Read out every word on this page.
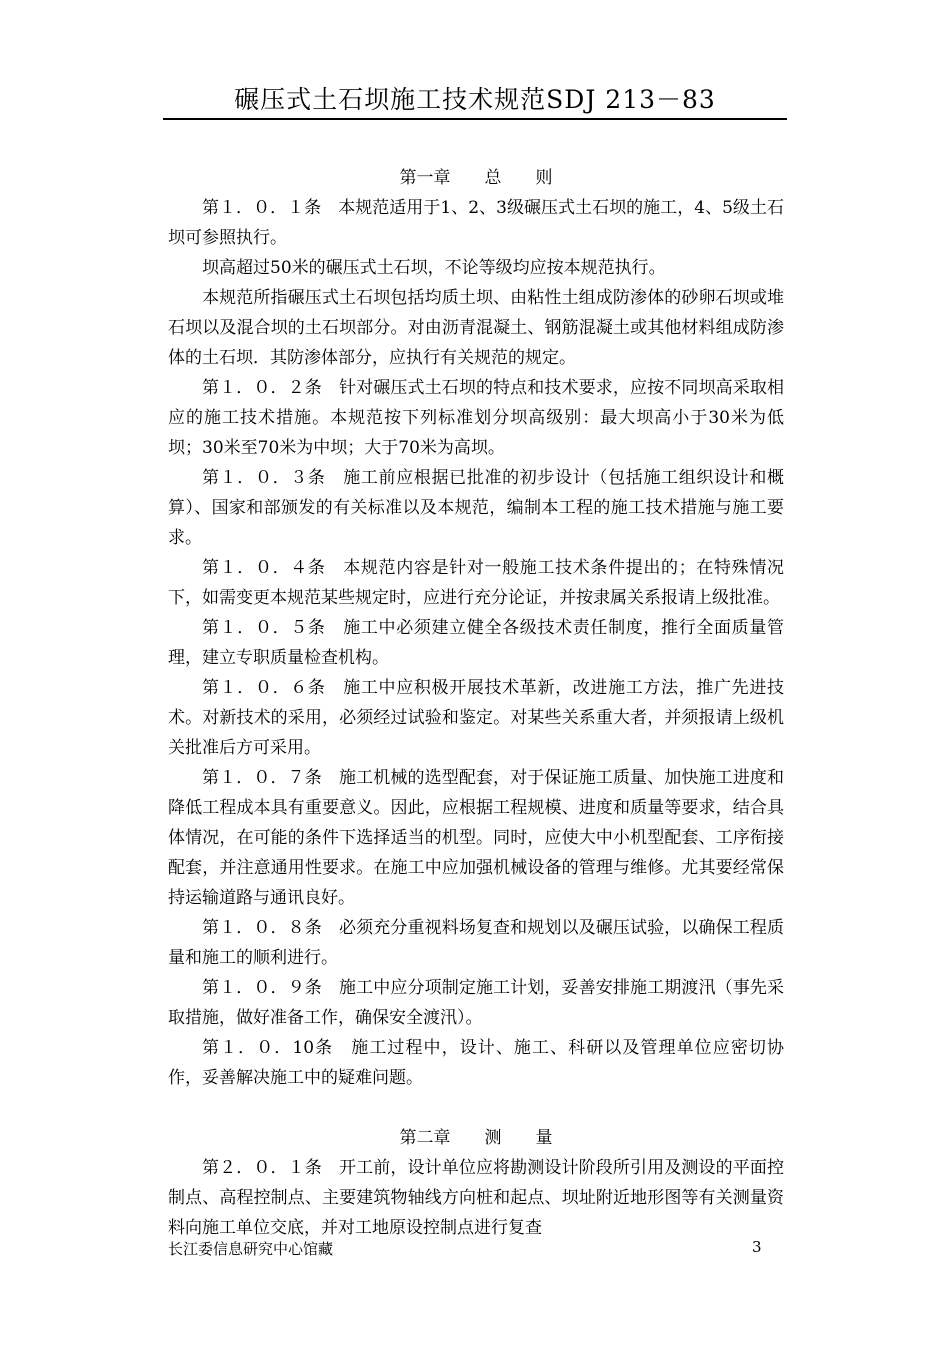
碾压式土石坝施工技术规范SDJ 213－83
第一章　　总　　则

第１．０．１条　本规范适用于1、2、3级碾压式土石坝的施工，4、5级土石坝可参照执行。

坝高超过50米的碾压式土石坝，不论等级均应按本规范执行。

本规范所指碾压式土石坝包括均质土坝、由粘性土组成防渗体的砂卵石坝或堆石坝以及混合坝的土石坝部分。对由沥青混凝土、钢筋混凝土或其他材料组成防渗体的土石坝．其防渗体部分，应执行有关规范的规定。

第１．０．２条　针对碾压式土石坝的特点和技术要求，应按不同坝高采取相应的施工技术措施。本规范按下列标准划分坝高级别：最大坝高小于30米为低坝；30米至70米为中坝；大于70米为高坝。

第１．０．３条　施工前应根据已批准的初步设计（包括施工组织设计和概算）、国家和部颁发的有关标准以及本规范，编制本工程的施工技术措施与施工要求。

第１．０．４条　本规范内容是针对一般施工技术条件提出的；在特殊情况下，如需变更本规范某些规定时，应进行充分论证，并按隶属关系报请上级批准。

第１．０．５条　施工中必须建立健全各级技术责任制度，推行全面质量管理，建立专职质量检查机构。

第１．０．６条　施工中应积极开展技术革新，改进施工方法，推广先进技术。对新技术的采用，必须经过试验和鉴定。对某些关系重大者，并须报请上级机关批准后方可采用。

第１．０．７条　施工机械的选型配套，对于保证施工质量、加快施工进度和降低工程成本具有重要意义。因此，应根据工程规模、进度和质量等要求，结合具体情况，在可能的条件下选择适当的机型。同时，应使大中小机型配套、工序衔接配套，并注意通用性要求。在施工中应加强机械设备的管理与维修。尤其要经常保持运输道路与通讯良好。

第１．０．８条　必须充分重视料场复查和规划以及碾压试验，以确保工程质量和施工的顺利进行。

第１．０．９条　施工中应分项制定施工计划，妥善安排施工期渡汛（事先采取措施，做好准备工作，确保安全渡汛）。

第１．０．10条　施工过程中，设计、施工、科研以及管理单位应密切协作，妥善解决施工中的疑难问题。

第二章　　测　　量

第２．０．１条　开工前，设计单位应将勘测设计阶段所引用及测设的平面控制点、高程控制点、主要建筑物轴线方向桩和起点、坝址附近地形图等有关测量资料向施工单位交底，并对工地原设控制点进行复查

长江委信息研究中心馆藏	3
